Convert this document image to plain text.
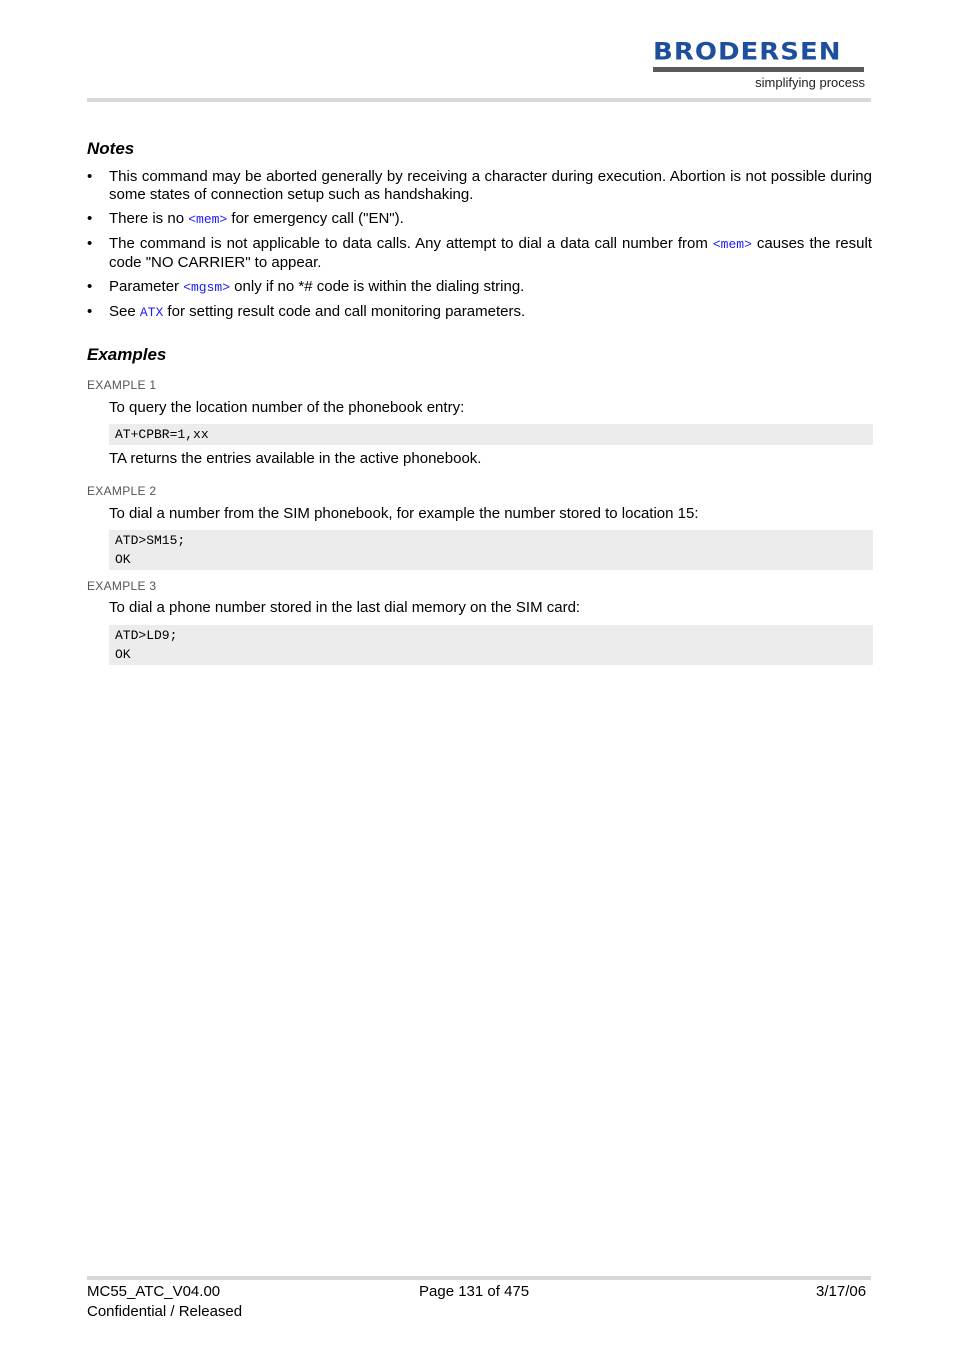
BRODERSEN
simplifying process
Notes
• This command may be aborted generally by receiving a character during execution. Abortion is not possible during some states of connection setup such as handshaking.
• There is no <mem> for emergency call ("EN").
• The command is not applicable to data calls. Any attempt to dial a data call number from <mem> causes the result code "NO CARRIER" to appear.
• Parameter <mgsm> only if no *# code is within the dialing string.
• See ATX for setting result code and call monitoring parameters.
Examples
EXAMPLE 1
To query the location number of the phonebook entry:
AT+CPBR=1,xx
TA returns the entries available in the active phonebook.
EXAMPLE 2
To dial a number from the SIM phonebook, for example the number stored to location 15:
ATD>SM15;
OK
EXAMPLE 3
To dial a phone number stored in the last dial memory on the SIM card:
ATD>LD9;
OK
MC55_ATC_V04.00
Confidential / Released
Page 131 of 475	3/17/06
